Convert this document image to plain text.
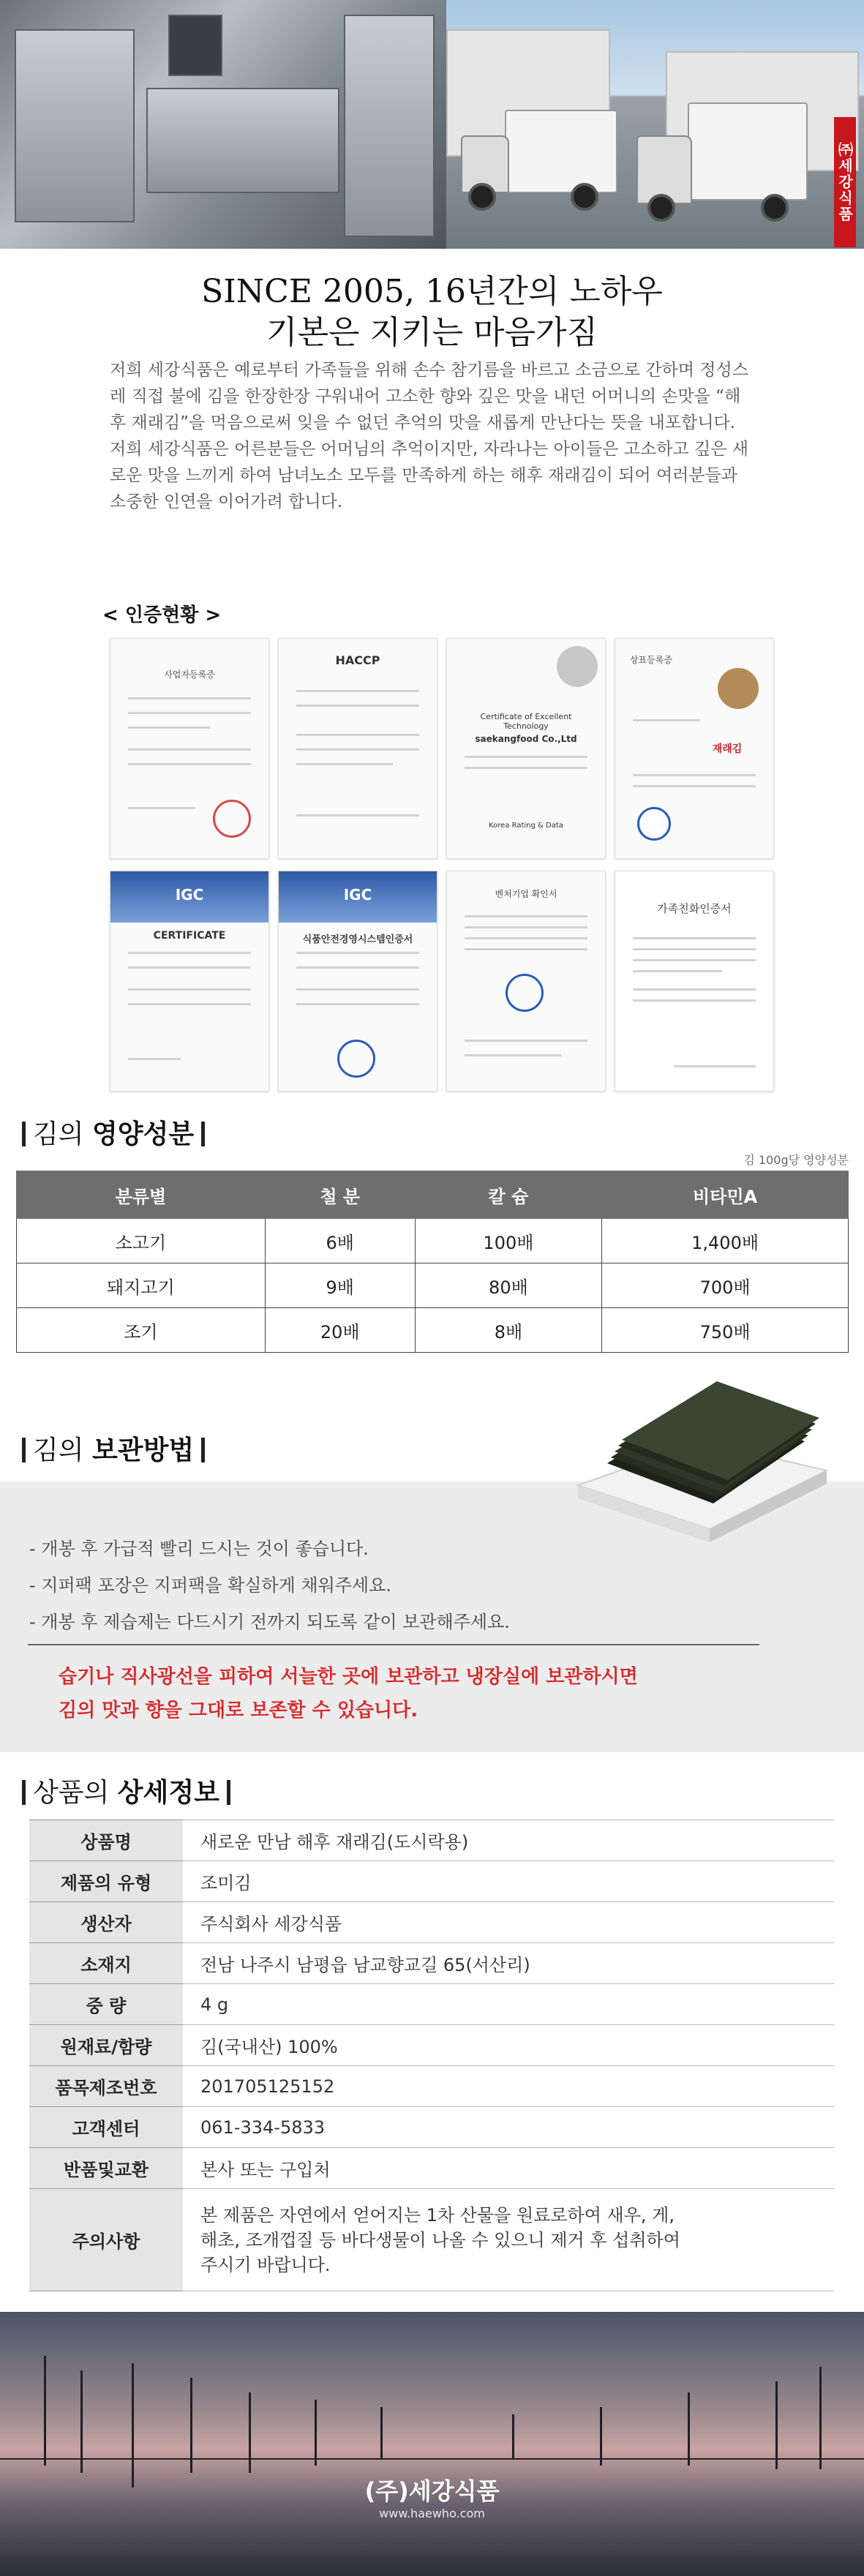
㈜세강식품
SINCE 2005, 16년간의 노하우
기본은 지키는 마음가짐

저희 세강식품은 예로부터 가족들을 위해 손수 참기름을 바르고 소금으로 간하며 정성스레 직접 불에 김을 한장한장 구워내어 고소한 향와 깊은 맛을 내던 어머니의 손맛을 “해후 재래김”을 먹음으로써 잊을 수 없던 추억의 맛을 새롭게 만난다는 뜻을 내포합니다.

저희 세강식품은 어른분들은 어머님의 추억이지만, 자라나는 아이들은 고소하고 깊은 새로운 맛을 느끼게 하여 남녀노소 모두를 만족하게 하는 해후 재래김이 되어 여러분들과 소중한 인연을 이어가려 합니다.

< 인증현황 >
사업자등록증
HACCP
Certificate of Excellent Technology
saekangfood Co.,Ltd
Korea Rating & Data
상표등록증
재래김
IGC
CERTIFICATE
IGC
식품안전경영시스템인증서
벤처기업 확인서
가족친화인증서
김의 영양성분
김 100g당 영양성분
분류별	철 분	칼 슘	비타민A
소고기	6배	100배	1,400배
돼지고기	9배	80배	700배
조기	20배	8배	750배
- 개봉 후 가급적 빨리 드시는 것이 좋습니다.
- 지퍼팩 포장은 지퍼팩을 확실하게 채워주세요.
- 개봉 후 제습제는 다드시기 전까지 되도록 같이 보관해주세요.
습기나 직사광선을 피하여 서늘한 곳에 보관하고 냉장실에 보관하시면
김의 맛과 향을 그대로 보존할 수 있습니다.
김의 보관방법
상품의 상세정보
상품명	새로운 만남 해후 재래김(도시락용)
제품의 유형	조미김
생산자	주식회사 세강식품
소재지	전남 나주시 남평읍 남교향교길 65(서산리)
중 량	4 g
원재료/함량	김(국내산) 100%
품목제조번호	201705125152
고객센터	061-334-5833
반품및교환	본사 또는 구입처
주의사항	본 제품은 자연에서 얻어지는 1차 산물을 원료로하여 새우, 게,
해초, 조개껍질 등 바다생물이 나올 수 있으니 제거 후 섭취하여
주시기 바랍니다.
(주)세강식품
www.haewho.com
